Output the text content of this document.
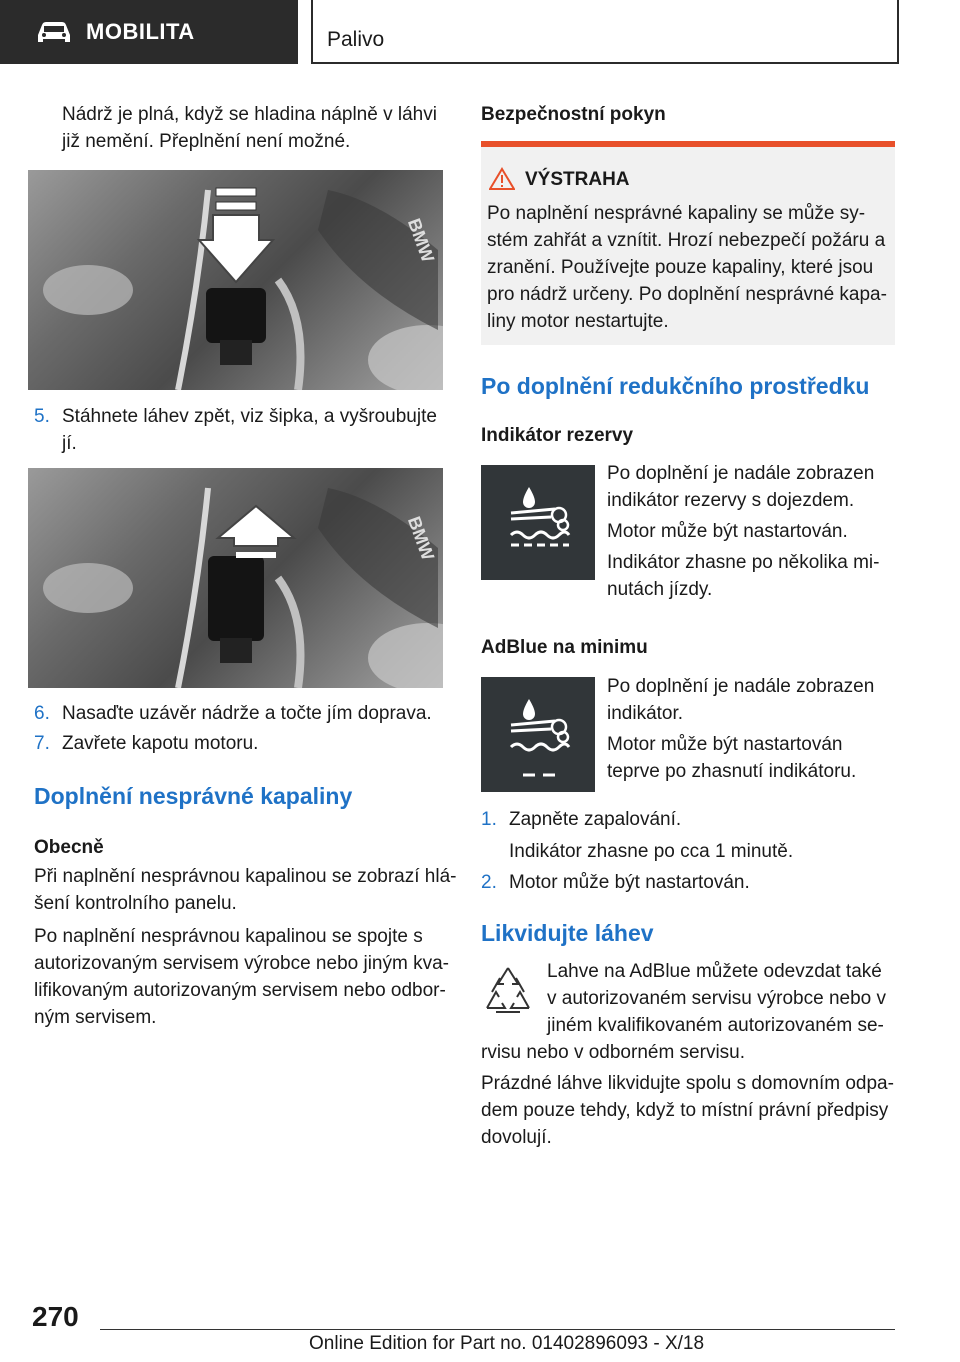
MOBILITA	Palivo

Nádrž je plná, když se hladina náplně v láhvi

již nemění. Přeplnění není možné.

BMW

5. Stáhnete láhev zpět, viz šipka, a vyšroubujte

jí.

BMW

6. Nasaďte uzávěr nádrže a točte jím doprava.

7. Zavřete kapotu motoru.

Doplnění nesprávné kapaliny

Obecně

Při naplnění nesprávnou kapalinou se zobrazí hlá-

šení kontrolního panelu.

Po naplnění nesprávnou kapalinou se spojte s

autorizovaným servisem výrobce nebo jiným kva-

lifikovaným autorizovaným servisem nebo odbor-

ným servisem.

Bezpečnostní pokyn

VÝSTRAHA

Po naplnění nesprávné kapaliny se může sy-

stém zahřát a vznítit. Hrozí nebezpečí požáru a

zranění. Používejte pouze kapaliny, které jsou

pro nádrž určeny. Po doplnění nesprávné kapa-

liny motor nestartujte.

Po doplnění redukčního prostředku

Indikátor rezervy

Po doplnění je nadále zobrazen

indikátor rezervy s dojezdem.

Motor může být nastartován.

Indikátor zhasne po několika mi-

nutách jízdy.

AdBlue na minimu

Po doplnění je nadále zobrazen

indikátor.

Motor může být nastartován

teprve po zhasnutí indikátoru.

1. Zapněte zapalování.

Indikátor zhasne po cca 1 minutě.

2. Motor může být nastartován.

Likvidujte láhev

Lahve na AdBlue můžete odevzdat také

v autorizovaném servisu výrobce nebo v

jiném kvalifikovaném autorizovaném se-

rvisu nebo v odborném servisu.

Prázdné láhve likvidujte spolu s domovním odpa-

dem pouze tehdy, když to místní právní předpisy

dovolují.

270

Online Edition for Part no. 01402896093 - X/18
